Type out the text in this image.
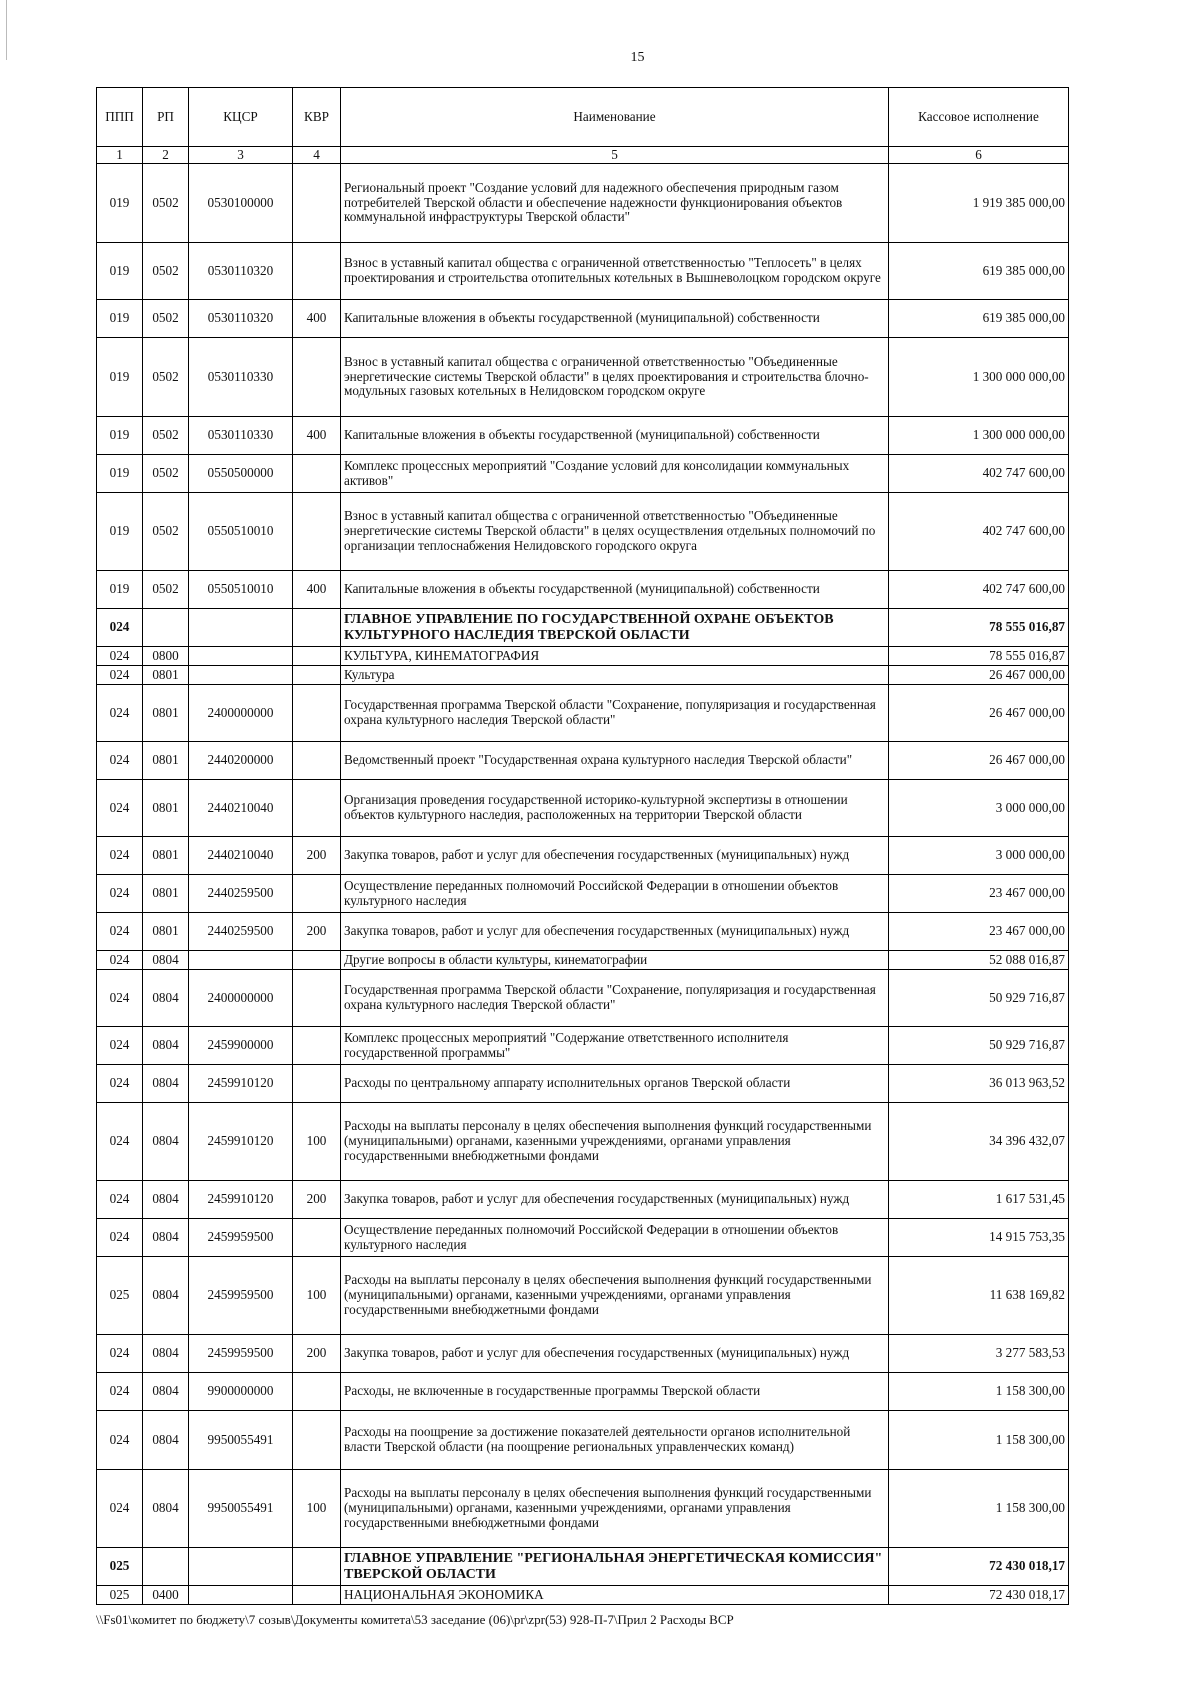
15
ППП	РП	КЦСР	КВР	Наименование	Кассовое исполнение
1	2	3	4	5	6
019	0502	0530100000		Региональный проект "Создание условий для надежного обеспечения природным газом потребителей Тверской области и обеспечение надежности функционирования объектов коммунальной инфраструктуры Тверской области"	1 919 385 000,00
019	0502	0530110320		Взнос в уставный капитал общества с ограниченной ответственностью "Теплосеть" в целях проектирования и строительства отопительных котельных в Вышневолоцком городском округе	619 385 000,00
019	0502	0530110320	400	Капитальные вложения в объекты государственной (муниципальной) собственности	619 385 000,00
019	0502	0530110330		Взнос в уставный капитал общества с ограниченной ответственностью "Объединенные энергетические системы Тверской области" в целях проектирования и строительства блочно-модульных газовых котельных в Нелидовском городском округе	1 300 000 000,00
019	0502	0530110330	400	Капитальные вложения в объекты государственной (муниципальной) собственности	1 300 000 000,00
019	0502	0550500000		Комплекс процессных мероприятий "Создание условий для консолидации коммунальных активов"	402 747 600,00
019	0502	0550510010		Взнос в уставный капитал общества с ограниченной ответственностью "Объединенные энергетические системы Тверской области" в целях осуществления отдельных полномочий по организации теплоснабжения Нелидовского городского округа	402 747 600,00
019	0502	0550510010	400	Капитальные вложения в объекты государственной (муниципальной) собственности	402 747 600,00
024				ГЛАВНОЕ УПРАВЛЕНИЕ ПО ГОСУДАРСТВЕННОЙ ОХРАНЕ ОБЪЕКТОВ КУЛЬТУРНОГО НАСЛЕДИЯ ТВЕРСКОЙ ОБЛАСТИ	78 555 016,87
024	0800			КУЛЬТУРА, КИНЕМАТОГРАФИЯ	78 555 016,87
024	0801			Культура	26 467 000,00
024	0801	2400000000		Государственная программа Тверской области "Сохранение, популяризация и государственная охрана культурного наследия Тверской области"	26 467 000,00
024	0801	2440200000		Ведомственный проект "Государственная охрана культурного наследия Тверской области"	26 467 000,00
024	0801	2440210040		Организация проведения государственной историко-культурной экспертизы в отношении объектов культурного наследия, расположенных на территории Тверской области	3 000 000,00
024	0801	2440210040	200	Закупка товаров, работ и услуг для обеспечения государственных (муниципальных) нужд	3 000 000,00
024	0801	2440259500		Осуществление переданных полномочий Российской Федерации в отношении объектов культурного наследия	23 467 000,00
024	0801	2440259500	200	Закупка товаров, работ и услуг для обеспечения государственных (муниципальных) нужд	23 467 000,00
024	0804			Другие вопросы в области культуры, кинематографии	52 088 016,87
024	0804	2400000000		Государственная программа Тверской области "Сохранение, популяризация и государственная охрана культурного наследия Тверской области"	50 929 716,87
024	0804	2459900000		Комплекс процессных мероприятий "Содержание ответственного исполнителя государственной программы"	50 929 716,87
024	0804	2459910120		Расходы по центральному аппарату исполнительных органов Тверской области	36 013 963,52
024	0804	2459910120	100	Расходы на выплаты персоналу в целях обеспечения выполнения функций государственными (муниципальными) органами, казенными учреждениями, органами управления государственными внебюджетными фондами	34 396 432,07
024	0804	2459910120	200	Закупка товаров, работ и услуг для обеспечения государственных (муниципальных) нужд	1 617 531,45
024	0804	2459959500		Осуществление переданных полномочий Российской Федерации в отношении объектов культурного наследия	14 915 753,35
025	0804	2459959500	100	Расходы на выплаты персоналу в целях обеспечения выполнения функций государственными (муниципальными) органами, казенными учреждениями, органами управления государственными внебюджетными фондами	11 638 169,82
024	0804	2459959500	200	Закупка товаров, работ и услуг для обеспечения государственных (муниципальных) нужд	3 277 583,53
024	0804	9900000000		Расходы, не включенные в государственные программы Тверской области	1 158 300,00
024	0804	9950055491		Расходы на поощрение за достижение показателей деятельности органов исполнительной власти Тверской области (на поощрение региональных управленческих команд)	1 158 300,00
024	0804	9950055491	100	Расходы на выплаты персоналу в целях обеспечения выполнения функций государственными (муниципальными) органами, казенными учреждениями, органами управления государственными внебюджетными фондами	1 158 300,00
025				ГЛАВНОЕ УПРАВЛЕНИЕ "РЕГИОНАЛЬНАЯ ЭНЕРГЕТИЧЕСКАЯ КОМИССИЯ" ТВЕРСКОЙ ОБЛАСТИ	72 430 018,17
025	0400			НАЦИОНАЛЬНАЯ ЭКОНОМИКА	72 430 018,17
\\Fs01\комитет по бюджету\7 созыв\Документы комитета\53 заседание (06)\pr\zpr(53) 928-П-7\Прил 2 Расходы ВСР
